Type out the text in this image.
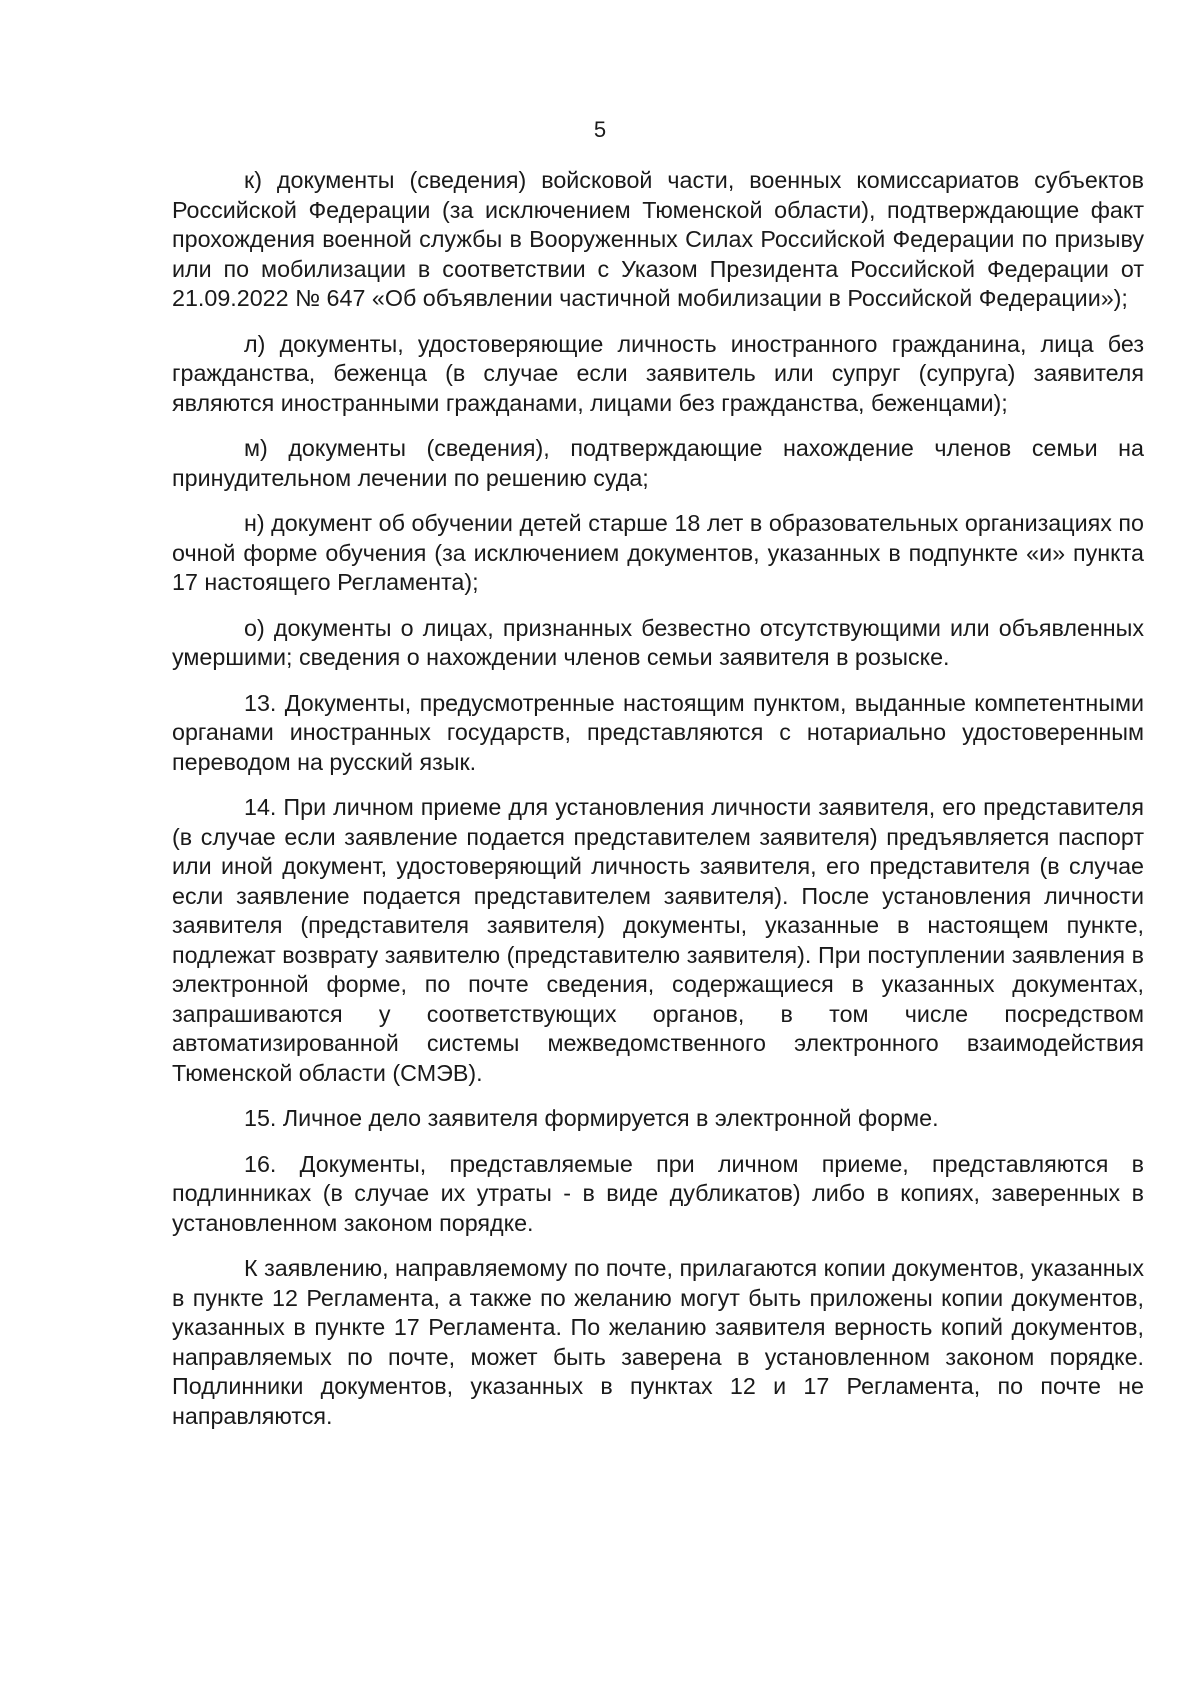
5

к) документы (сведения) войсковой части, военных комиссариатов субъектов Российской Федерации (за исключением Тюменской области), подтверждающие факт прохождения военной службы в Вооруженных Силах Российской Федерации по призыву или по мобилизации в соответствии с Указом Президента Российской Федерации от 21.09.2022 № 647 «Об объявлении частичной мобилизации в Российской Федерации»);

л) документы, удостоверяющие личность иностранного гражданина, лица без гражданства, беженца (в случае если заявитель или супруг (супруга) заявителя являются иностранными гражданами, лицами без гражданства, беженцами);

м) документы (сведения), подтверждающие нахождение членов семьи на принудительном лечении по решению суда;

н) документ об обучении детей старше 18 лет в образовательных организациях по очной форме обучения (за исключением документов, указанных в подпункте «и» пункта 17 настоящего Регламента);

о) документы о лицах, признанных безвестно отсутствующими или объявленных умершими; сведения о нахождении членов семьи заявителя в розыске.

13. Документы, предусмотренные настоящим пунктом, выданные компетентными органами иностранных государств, представляются с нотариально удостоверенным переводом на русский язык.

14. При личном приеме для установления личности заявителя, его представителя (в случае если заявление подается представителем заявителя) предъявляется паспорт или иной документ, удостоверяющий личность заявителя, его представителя (в случае если заявление подается представителем заявителя). После установления личности заявителя (представителя заявителя) документы, указанные в настоящем пункте, подлежат возврату заявителю (представителю заявителя). При поступлении заявления в электронной форме, по почте сведения, содержащиеся в указанных документах, запрашиваются у соответствующих органов, в том числе посредством автоматизированной системы межведомственного электронного взаимодействия Тюменской области (СМЭВ).

15. Личное дело заявителя формируется в электронной форме.

16. Документы, представляемые при личном приеме, представляются в подлинниках (в случае их утраты - в виде дубликатов) либо в копиях, заверенных в установленном законом порядке.

К заявлению, направляемому по почте, прилагаются копии документов, указанных в пункте 12 Регламента, а также по желанию могут быть приложены копии документов, указанных в пункте 17 Регламента. По желанию заявителя верность копий документов, направляемых по почте, может быть заверена в установленном законом порядке. Подлинники документов, указанных в пунктах 12 и 17 Регламента, по почте не направляются.
